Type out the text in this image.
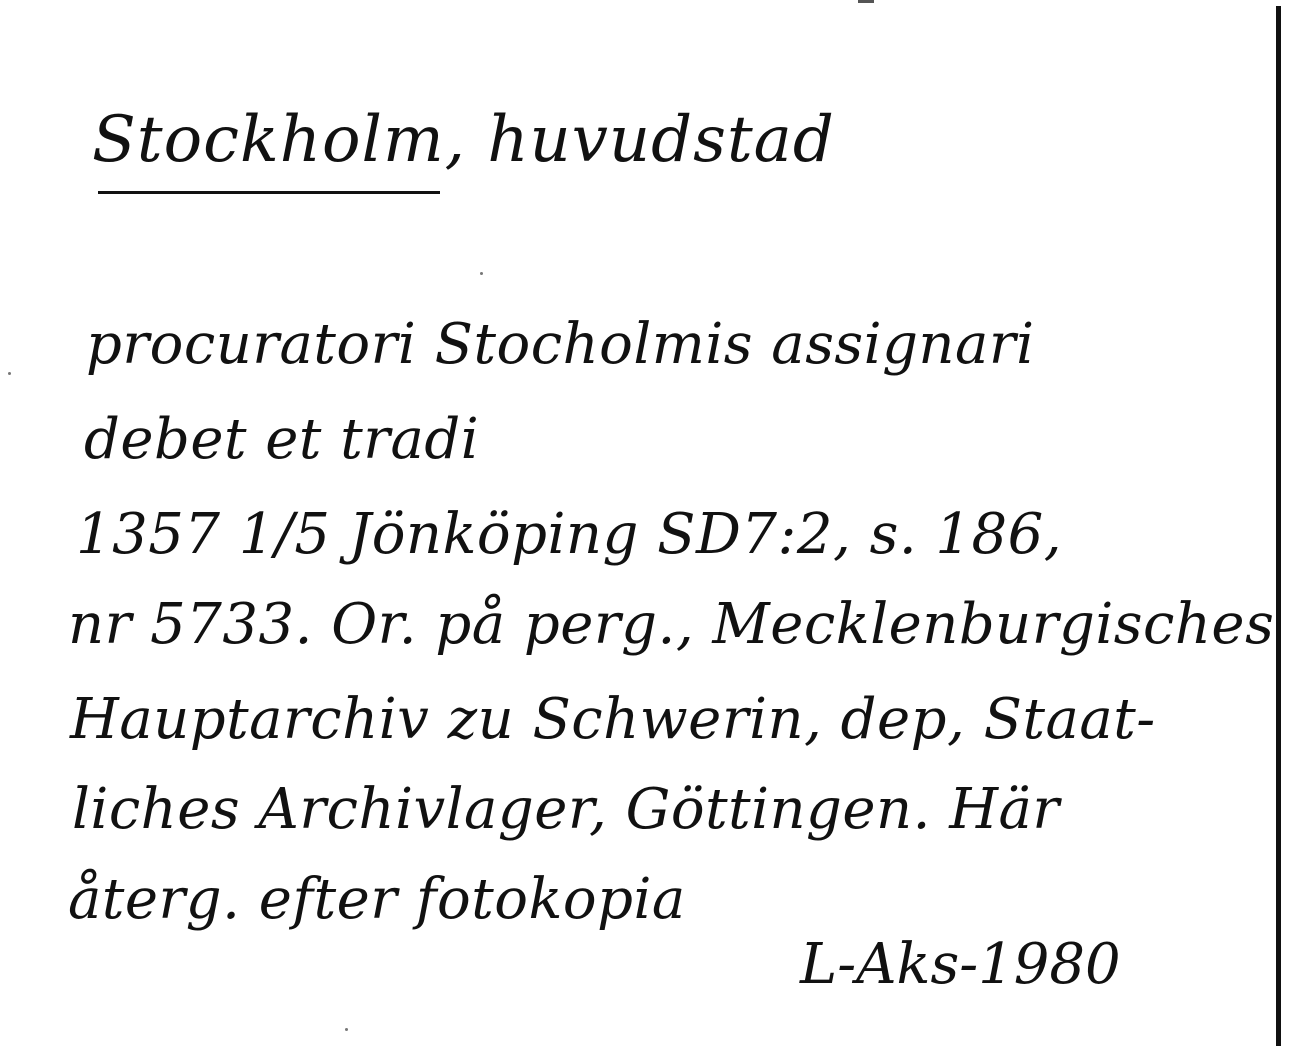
Stockholm, huvudstad
procuratori Stocholmis assignari
debet et tradi
1357 1/5 Jönköping SD7:2, s. 186,
nr 5733. Or. på perg., Mecklenburgisches
Hauptarchiv zu Schwerin, dep, Staat-
liches Archivlager, Göttingen. Här
återg. efter fotokopia
L-Aks-1980
